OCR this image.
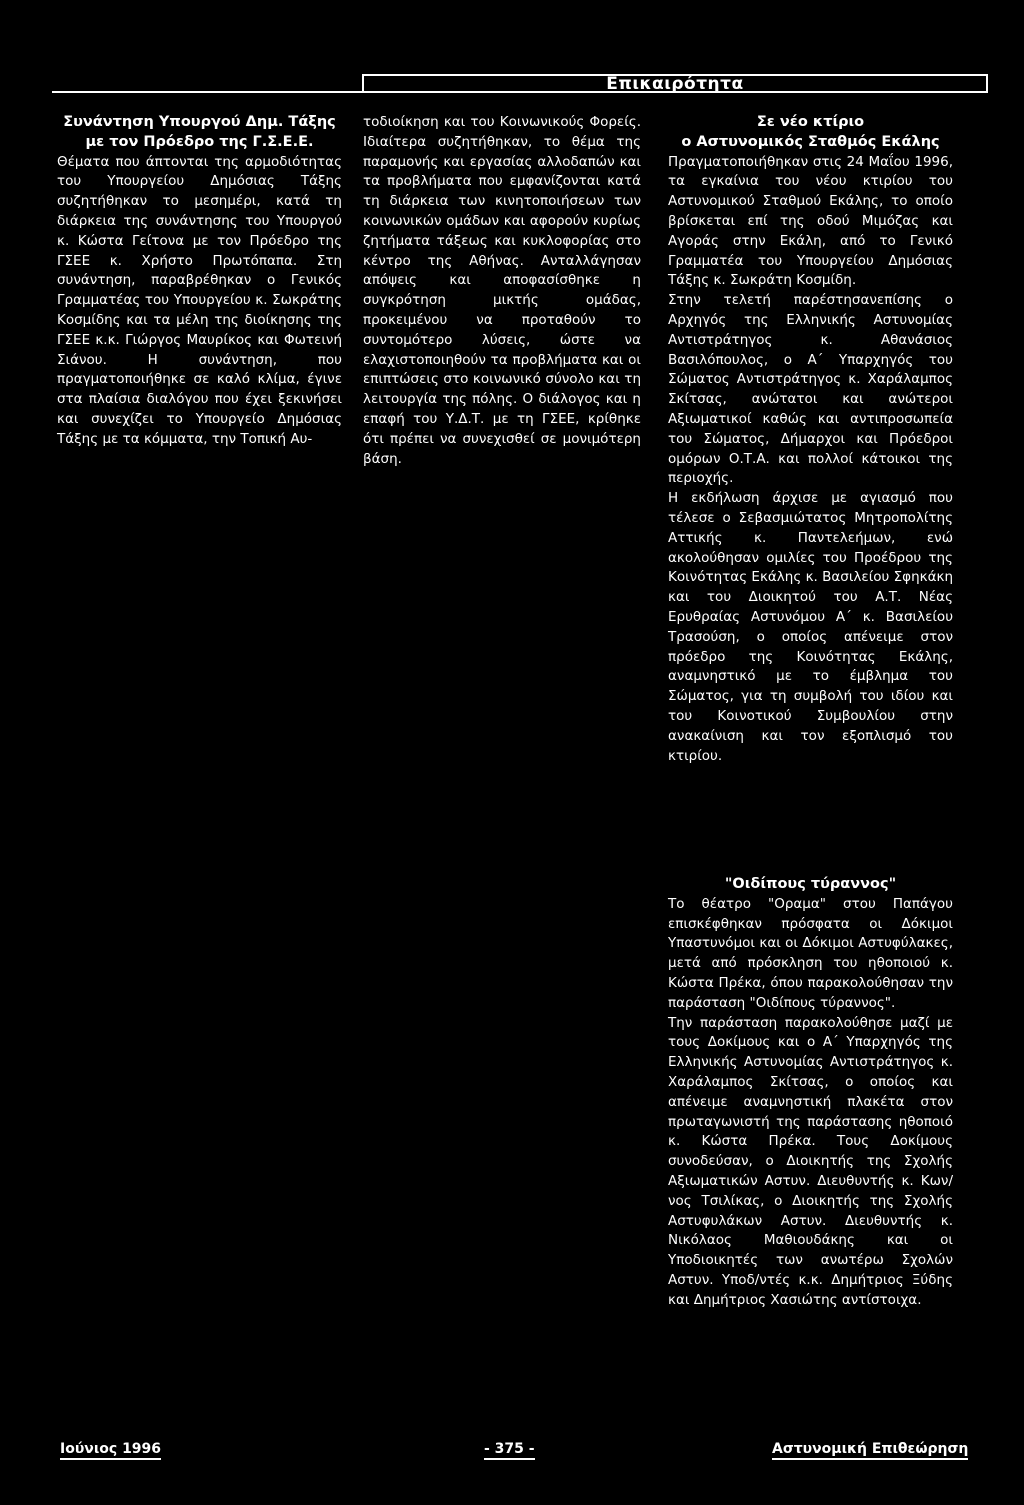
Επικαιρότητα

Συνάντηση Υπουργού Δημ. Τάξης

με τον Πρόεδρο της Γ.Σ.Ε.Ε.

Θέματα που άπτονται της αρμοδιότητας του Υπουργείου Δημόσιας Τάξης συζητήθηκαν το μεσημέρι, κατά τη διάρκεια της συνάντησης του Υπουργού κ. Κώστα Γείτονα με τον Πρόεδρο της ΓΣΕΕ κ. Χρήστο Πρωτόπαπα. Στη συνάντηση, παραβρέθηκαν ο Γενικός Γραμματέας του Υπουργείου κ. Σωκράτης Κοσμίδης και τα μέλη της διοίκησης της ΓΣΕΕ κ.κ. Γιώργος Μαυρίκος και Φωτεινή Σιάνου. Η συνάντηση, που πραγματοποιήθηκε σε καλό κλίμα, έγινε στα πλαίσια διαλόγου που έχει ξεκινήσει και συνεχίζει το Υπουργείο Δημόσιας Τάξης με τα κόμματα, την Τοπική Αυ-

τοδιοίκηση και του Κοινωνικούς Φορείς. Ιδιαίτερα συζητήθηκαν, το θέμα της παραμονής και εργασίας αλλοδαπών και τα προβλήματα που εμφανίζονται κατά τη διάρκεια των κινητοποιήσεων των κοινωνικών ομάδων και αφορούν κυρίως ζητήματα τάξεως και κυκλοφορίας στο κέντρο της Αθήνας. Ανταλλάγησαν απόψεις και αποφασίσθηκε η συγκρότηση μικτής ομάδας, προκειμένου να προταθούν το συντομότερο λύσεις, ώστε να ελαχιστοποιηθούν τα προβλήματα και οι επιπτώσεις στο κοινωνικό σύνολο και τη λειτουργία της πόλης. Ο διάλογος και η επαφή του Υ.Δ.Τ. με τη ΓΣΕΕ, κρίθηκε ότι πρέπει να συνεχισθεί σε μονιμότερη βάση.

Σε νέο κτίριο

ο Αστυνομικός Σταθμός Εκάλης

Πραγματοποιήθηκαν στις 24 Μαΐου 1996, τα εγκαίνια του νέου κτιρίου του Αστυνομικού Σταθμού Εκάλης, το οποίο βρίσκεται επί της οδού Μιμόζας και Αγοράς στην Εκάλη, από το Γενικό Γραμματέα του Υπουργείου Δημόσιας Τάξης κ. Σωκράτη Κοσμίδη.

Στην τελετή παρέστησανεπίσης ο Αρχηγός της Ελληνικής Αστυνομίας Αντιστράτηγος κ. Αθανάσιος Βασιλόπουλος, ο Α΄ Υπαρχηγός του Σώματος Αντιστράτηγος κ. Χαράλαμπος Σκίτσας, ανώτατοι και ανώτεροι Αξιωματικοί καθώς και αντιπροσωπεία του Σώματος, Δήμαρχοι και Πρόεδροι ομόρων Ο.Τ.Α. και πολλοί κάτοικοι της περιοχής.

Η εκδήλωση άρχισε με αγιασμό που τέλεσε ο Σεβασμιώτατος Μητροπολίτης Αττικής κ. Παντελεήμων, ενώ ακολούθησαν ομιλίες του Προέδρου της Κοινότητας Εκάλης κ. Βασιλείου Σφηκάκη και του Διοικητού του Α.Τ. Νέας Ερυθραίας Αστυνόμου Α΄ κ. Βασιλείου Τρασούση, ο οποίος απένειμε στον πρόεδρο της Κοινότητας Εκάλης, αναμνηστικό με το έμβλημα του Σώματος, για τη συμβολή του ιδίου και του Κοινοτικού Συμβουλίου στην ανακαίνιση και τον εξοπλισμό του κτιρίου.

"Οιδίπους τύραννος"

Το θέατρο "Οραμα" στου Παπάγου επισκέφθηκαν πρόσφατα οι Δόκιμοι Υπαστυνόμοι και οι Δόκιμοι Αστυφύλακες, μετά από πρόσκληση του ηθοποιού κ. Κώστα Πρέκα, όπου παρακολούθησαν την παράσταση "Οιδίπους τύραννος".

Την παράσταση παρακολούθησε μαζί με τους Δοκίμους και ο Α΄ Υπαρχηγός της Ελληνικής Αστυνομίας Αντιστράτηγος κ. Χαράλαμπος Σκίτσας, ο οποίος και απένειμε αναμνηστική πλακέτα στον πρωταγωνιστή της παράστασης ηθοποιό κ. Κώστα Πρέκα. Τους Δοκίμους συνοδεύσαν, ο Διοικητής της Σχολής Αξιωματικών Αστυν. Διευθυντής κ. Κων/νος Τσιλίκας, ο Διοικητής της Σχολής Αστυφυλάκων Αστυν. Διευθυντής κ. Νικόλαος Μαθιουδάκης και οι Υποδιοικητές των ανωτέρω Σχολών Αστυν. Υποδ/ντές κ.κ. Δημήτριος Ξύδης και Δημήτριος Χασιώτης αντίστοιχα.

Ιούνιος 1996	- 375 -	Αστυνομική Επιθεώρηση
